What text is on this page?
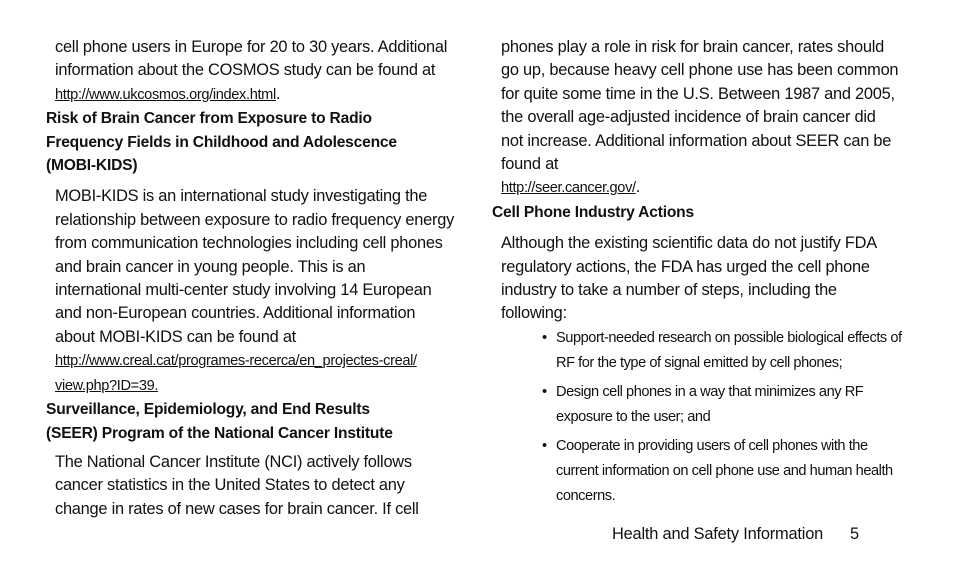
cell phone users in Europe for 20 to 30 years. Additional

information about the COSMOS study can be found at

http://www.ukcosmos.org/index.html.

Risk of Brain Cancer from Exposure to Radio
Frequency Fields in Childhood and Adolescence
(MOBI-KIDS)

MOBI-KIDS is an international study investigating the

relationship between exposure to radio frequency energy

from communication technologies including cell phones

and brain cancer in young people. This is an

international multi-center study involving 14 European

and non-European countries. Additional information

about MOBI-KIDS can be found at

http://www.creal.cat/programes-recerca/en_projectes-creal/

view.php?ID=39.

Surveillance, Epidemiology, and End Results
(SEER) Program of the National Cancer Institute

The National Cancer Institute (NCI) actively follows

cancer statistics in the United States to detect any

change in rates of new cases for brain cancer. If cell

phones play a role in risk for brain cancer, rates should

go up, because heavy cell phone use has been common

for quite some time in the U.S. Between 1987 and 2005,

the overall age-adjusted incidence of brain cancer did

not increase. Additional information about SEER can be

found at

http://seer.cancer.gov/.

Cell Phone Industry Actions

Although the existing scientific data do not justify FDA

regulatory actions, the FDA has urged the cell phone

industry to take a number of steps, including the

following:

• Support-needed research on possible biological effects of
RF for the type of signal emitted by cell phones;
• Design cell phones in a way that minimizes any RF
exposure to the user; and
• Cooperate in providing users of cell phones with the
current information on cell phone use and human health
concerns.
Health and Safety Information 5
